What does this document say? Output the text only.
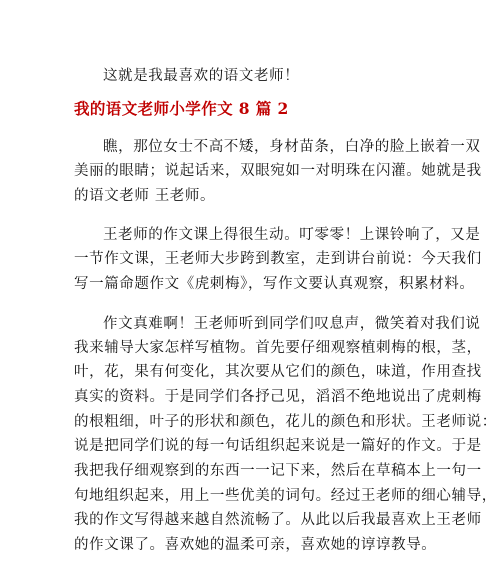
这就是我最喜欢的语文老师！
我的语文老师小学作文 8 篇 2
瞧，那位女士不高不矮，身材苗条，白净的脸上嵌着一双
美丽的眼睛；说起话来，双眼宛如一对明珠在闪灌。她就是我
的语文老师 王老师。
王老师的作文课上得很生动。叮零零！上课铃响了，又是
一节作文课，王老师大步跨到教室，走到讲台前说：今天我们
写一篇命题作文《虎刺梅》，写作文要认真观察，积累材料。
作文真难啊！王老师听到同学们叹息声，微笑着对我们说
我来辅导大家怎样写植物。首先要仔细观察植刺梅的根，茎，
叶，花，果有何变化，其次要从它们的颜色，味道，作用查找
真实的资料。于是同学们各抒己见，滔滔不绝地说出了虎刺梅
的根粗细，叶子的形状和颜色，花儿的颜色和形状。王老师说：
说是把同学们说的每一句话组织起来说是一篇好的作文。于是
我把我仔细观察到的东西一一记下来，然后在草稿本上一句一
句地组织起来，用上一些优美的词句。经过王老师的细心辅导，
我的作文写得越来越自然流畅了。从此以后我最喜欢上王老师
的作文课了。喜欢她的温柔可亲，喜欢她的谆谆教导。
